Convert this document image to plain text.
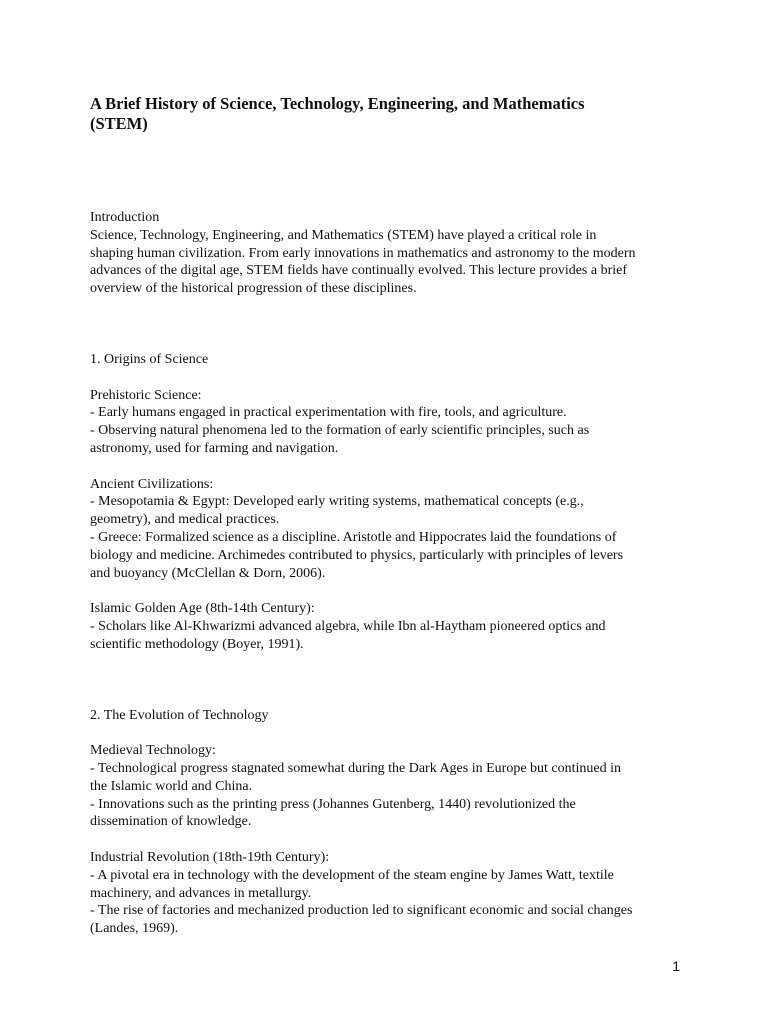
A Brief History of Science, Technology, Engineering, and Mathematics
(STEM)
Introduction
Science, Technology, Engineering, and Mathematics (STEM) have played a critical role in
shaping human civilization. From early innovations in mathematics and astronomy to the modern
advances of the digital age, STEM fields have continually evolved. This lecture provides a brief
overview of the historical progression of these disciplines.
1. Origins of Science
Prehistoric Science:
- Early humans engaged in practical experimentation with fire, tools, and agriculture.
- Observing natural phenomena led to the formation of early scientific principles, such as
astronomy, used for farming and navigation.
Ancient Civilizations:
- Mesopotamia & Egypt: Developed early writing systems, mathematical concepts (e.g.,
geometry), and medical practices.
- Greece: Formalized science as a discipline. Aristotle and Hippocrates laid the foundations of
biology and medicine. Archimedes contributed to physics, particularly with principles of levers
and buoyancy (McClellan & Dorn, 2006).
Islamic Golden Age (8th-14th Century):
- Scholars like Al-Khwarizmi advanced algebra, while Ibn al-Haytham pioneered optics and
scientific methodology (Boyer, 1991).
2. The Evolution of Technology
Medieval Technology:
- Technological progress stagnated somewhat during the Dark Ages in Europe but continued in
the Islamic world and China.
- Innovations such as the printing press (Johannes Gutenberg, 1440) revolutionized the
dissemination of knowledge.
Industrial Revolution (18th-19th Century):
- A pivotal era in technology with the development of the steam engine by James Watt, textile
machinery, and advances in metallurgy.
- The rise of factories and mechanized production led to significant economic and social changes
(Landes, 1969).
1
